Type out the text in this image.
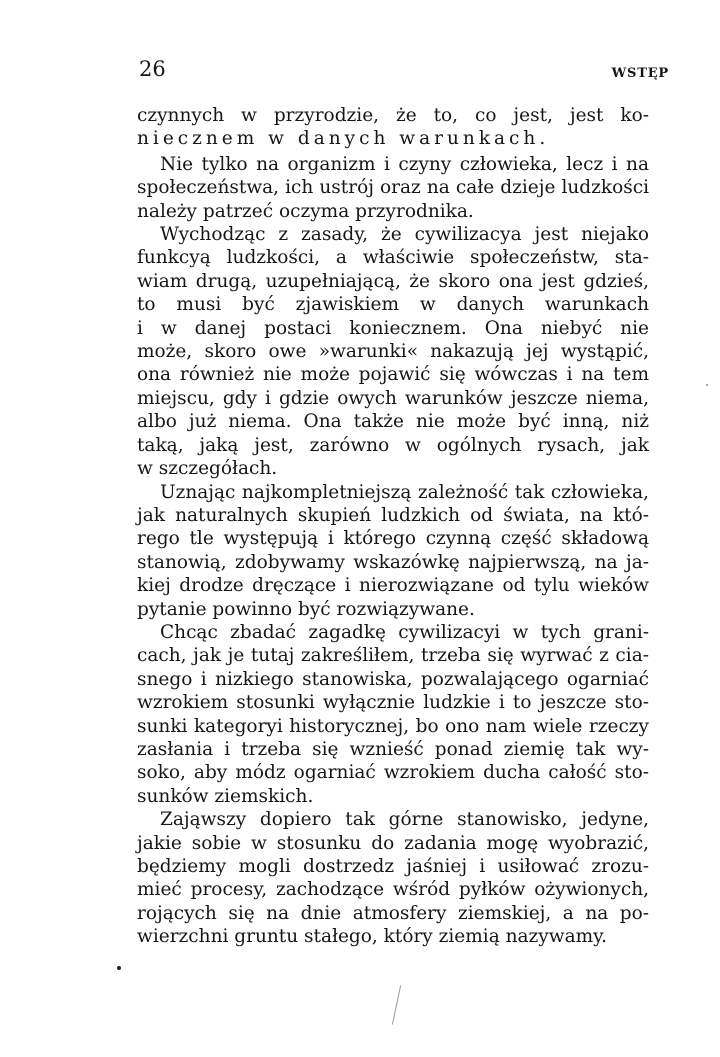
26	WSTĘP
czynnych w przyrodzie, że to, co jest, jest ko-
niecznem w danych warunkach.
Nie tylko na organizm i czyny człowieka, lecz i na
społeczeństwa, ich ustrój oraz na całe dzieje ludzkości
należy patrzeć oczyma przyrodnika.
Wychodząc z zasady, że cywilizacya jest niejako
funkcyą ludzkości, a właściwie społeczeństw, sta-
wiam drugą, uzupełniającą, że skoro ona jest gdzieś,
to musi być zjawiskiem w danych warunkach
i w danej postaci koniecznem. Ona niebyć nie
może, skoro owe »warunki« nakazują jej wystąpić,
ona również nie może pojawić się wówczas i na tem
miejscu, gdy i gdzie owych warunków jeszcze niema,
albo już niema. Ona także nie może być inną, niż
taką, jaką jest, zarówno w ogólnych rysach, jak
w szczegółach.
Uznając najkompletniejszą zależność tak człowieka,
jak naturalnych skupień ludzkich od świata, na któ-
rego tle występują i którego czynną część składową
stanowią, zdobywamy wskazówkę najpierwszą, na ja-
kiej drodze dręczące i nierozwiązane od tylu wieków
pytanie powinno być rozwiązywane.
Chcąc zbadać zagadkę cywilizacyi w tych grani-
cach, jak je tutaj zakreśliłem, trzeba się wyrwać z cia-
snego i nizkiego stanowiska, pozwalającego ogarniać
wzrokiem stosunki wyłącznie ludzkie i to jeszcze sto-
sunki kategoryi historycznej, bo ono nam wiele rzeczy
zasłania i trzeba się wznieść ponad ziemię tak wy-
soko, aby módz ogarniać wzrokiem ducha całość sto-
sunków ziemskich.
Zająwszy dopiero tak górne stanowisko, jedyne,
jakie sobie w stosunku do zadania mogę wyobrazić,
będziemy mogli dostrzedz jaśniej i usiłować zrozu-
mieć procesy, zachodzące wśród pyłków ożywionych,
rojących się na dnie atmosfery ziemskiej, a na po-
wierzchni gruntu stałego, który ziemią nazywamy.
